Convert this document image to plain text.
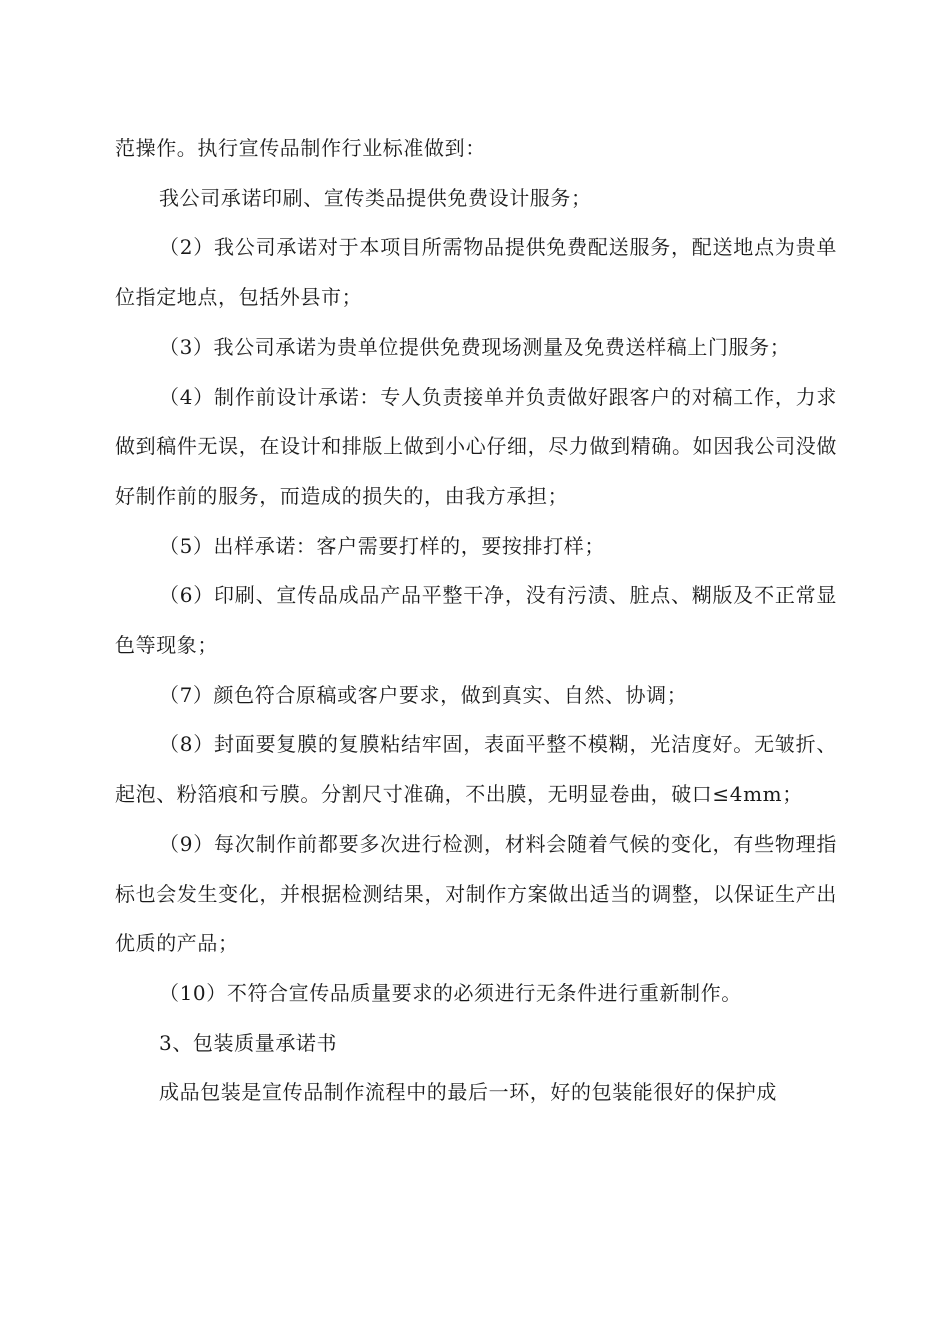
范操作。执行宣传品制作行业标准做到：

我公司承诺印刷、宣传类品提供免费设计服务；

（2）我公司承诺对于本项目所需物品提供免费配送服务，配送地点为贵单位指定地点，包括外县市；

（3）我公司承诺为贵单位提供免费现场测量及免费送样稿上门服务；

（4）制作前设计承诺：专人负责接单并负责做好跟客户的对稿工作，力求做到稿件无误，在设计和排版上做到小心仔细，尽力做到精确。如因我公司没做好制作前的服务，而造成的损失的，由我方承担；

（5）出样承诺：客户需要打样的，要按排打样；

（6）印刷、宣传品成品产品平整干净，没有污渍、脏点、糊版及不正常显色等现象；

（7）颜色符合原稿或客户要求，做到真实、自然、协调；

（8）封面要复膜的复膜粘结牢固，表面平整不模糊，光洁度好。无皱折、起泡、粉箔痕和亏膜。分割尺寸准确，不出膜，无明显卷曲，破口≤4mm；

（9）每次制作前都要多次进行检测，材料会随着气候的变化，有些物理指标也会发生变化，并根据检测结果，对制作方案做出适当的调整，以保证生产出优质的产品；

（10）不符合宣传品质量要求的必须进行无条件进行重新制作。

3、包装质量承诺书

成品包装是宣传品制作流程中的最后一环，好的包装能很好的保护成
